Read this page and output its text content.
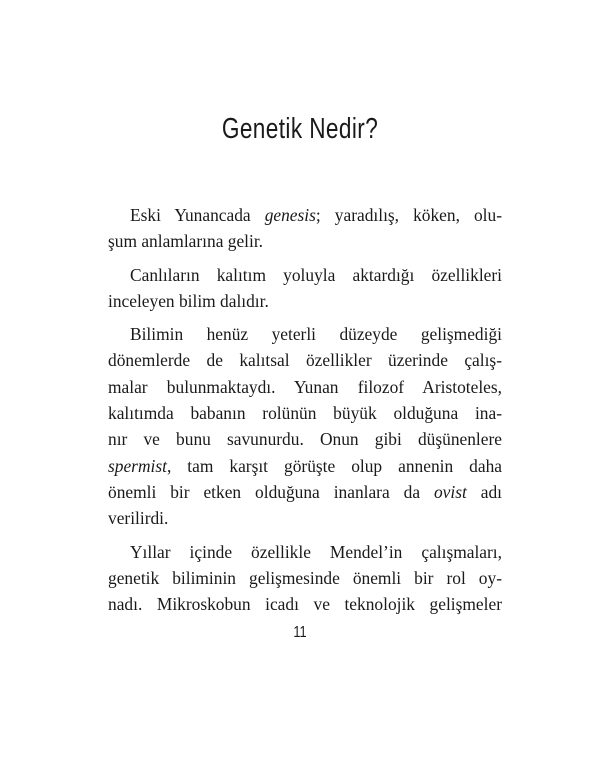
Genetik Nedir?

Eski Yunancada genesis; yaradılış, köken, olu-
şum anlamlarına gelir.

Canlıların kalıtım yoluyla aktardığı özellikleri
inceleyen bilim dalıdır.

Bilimin henüz yeterli düzeyde gelişmediği
dönemlerde de kalıtsal özellikler üzerinde çalış-
malar bulunmaktaydı. Yunan filozof Aristoteles,
kalıtımda babanın rolünün büyük olduğuna ina-
nır ve bunu savunurdu. Onun gibi düşünenlere
spermist, tam karşıt görüşte olup annenin daha
önemli bir etken olduğuna inanlara da ovist adı
verilirdi.

Yıllar içinde özellikle Mendel’in çalışmaları,
genetik biliminin gelişmesinde önemli bir rol oy-
nadı. Mikroskobun icadı ve teknolojik gelişmeler

11
